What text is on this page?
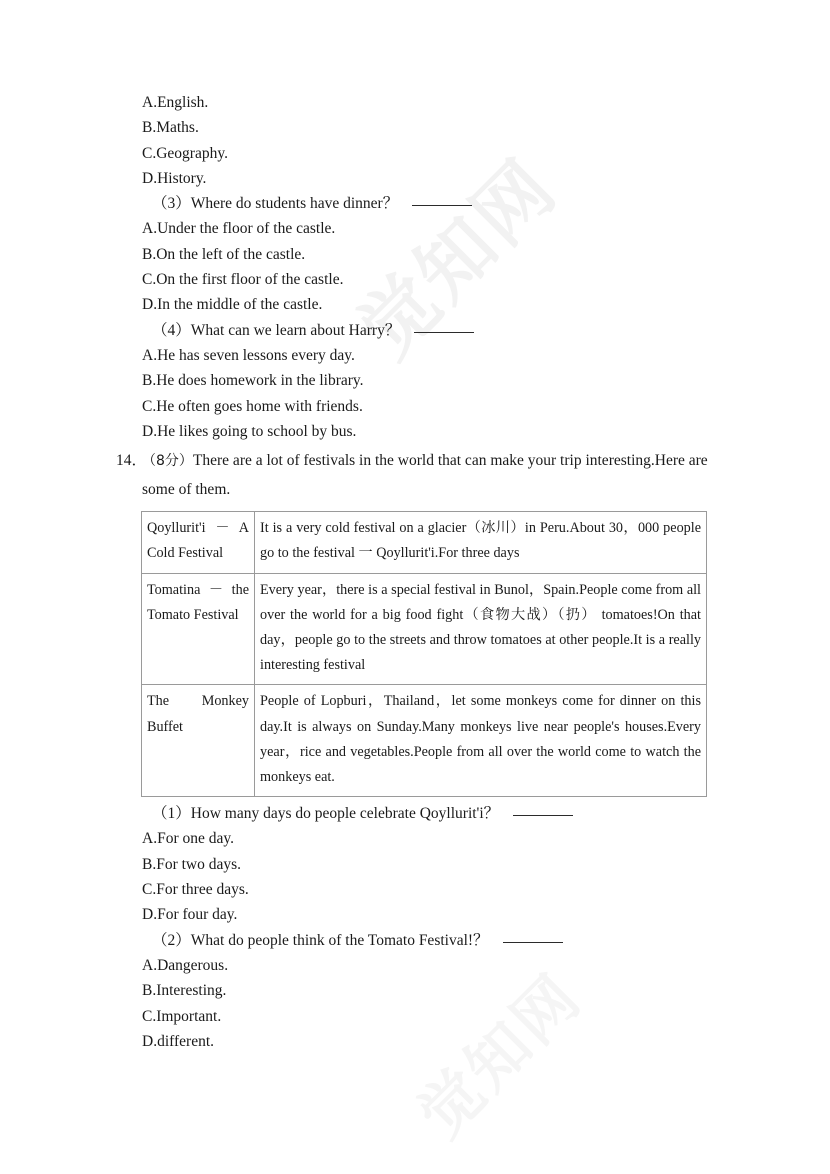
觉知网
觉知网

A.English.

B.Maths.

C.Geography.

D.History.

（3）Where do students have dinner？

A.Under the floor of the castle.

B.On the left of the castle.

C.On the first floor of the castle.

D.In the middle of the castle.

（4）What can we learn about Harry？

A.He has seven lessons every day.

B.He does homework in the library.

C.He often goes home with friends.

D.He likes going to school by bus.

14．
（8分）There are a lot of festivals in the world that can make your trip interesting.Here are some of them.
Qoyllurit'i － A
Cold Festival	It is a very cold festival on a glacier（冰川）in Peru.About 30，000 people go to the festival 一 Qoyllurit'i.For three days

Tomatina － the
Tomato Festival	Every year，there is a special festival in Bunol，Spain.People come from all over the world for a big food fight（食物大战）（扔） tomatoes!On that day，people go to the streets and throw tomatoes at other people.It is a really interesting festival

The Monkey
Buffet	People of Lopburi，Thailand，let some monkeys come for dinner on this day.It is always on Sunday.Many monkeys live near people's houses.Every year，rice and vegetables.People from all over the world come to watch the monkeys eat.

（1）How many days do people celebrate Qoyllurit'i？

A.For one day.

B.For two days.

C.For three days.

D.For four day.

（2）What do people think of the Tomato Festival!？

A.Dangerous.

B.Interesting.

C.Important.

D.different.
